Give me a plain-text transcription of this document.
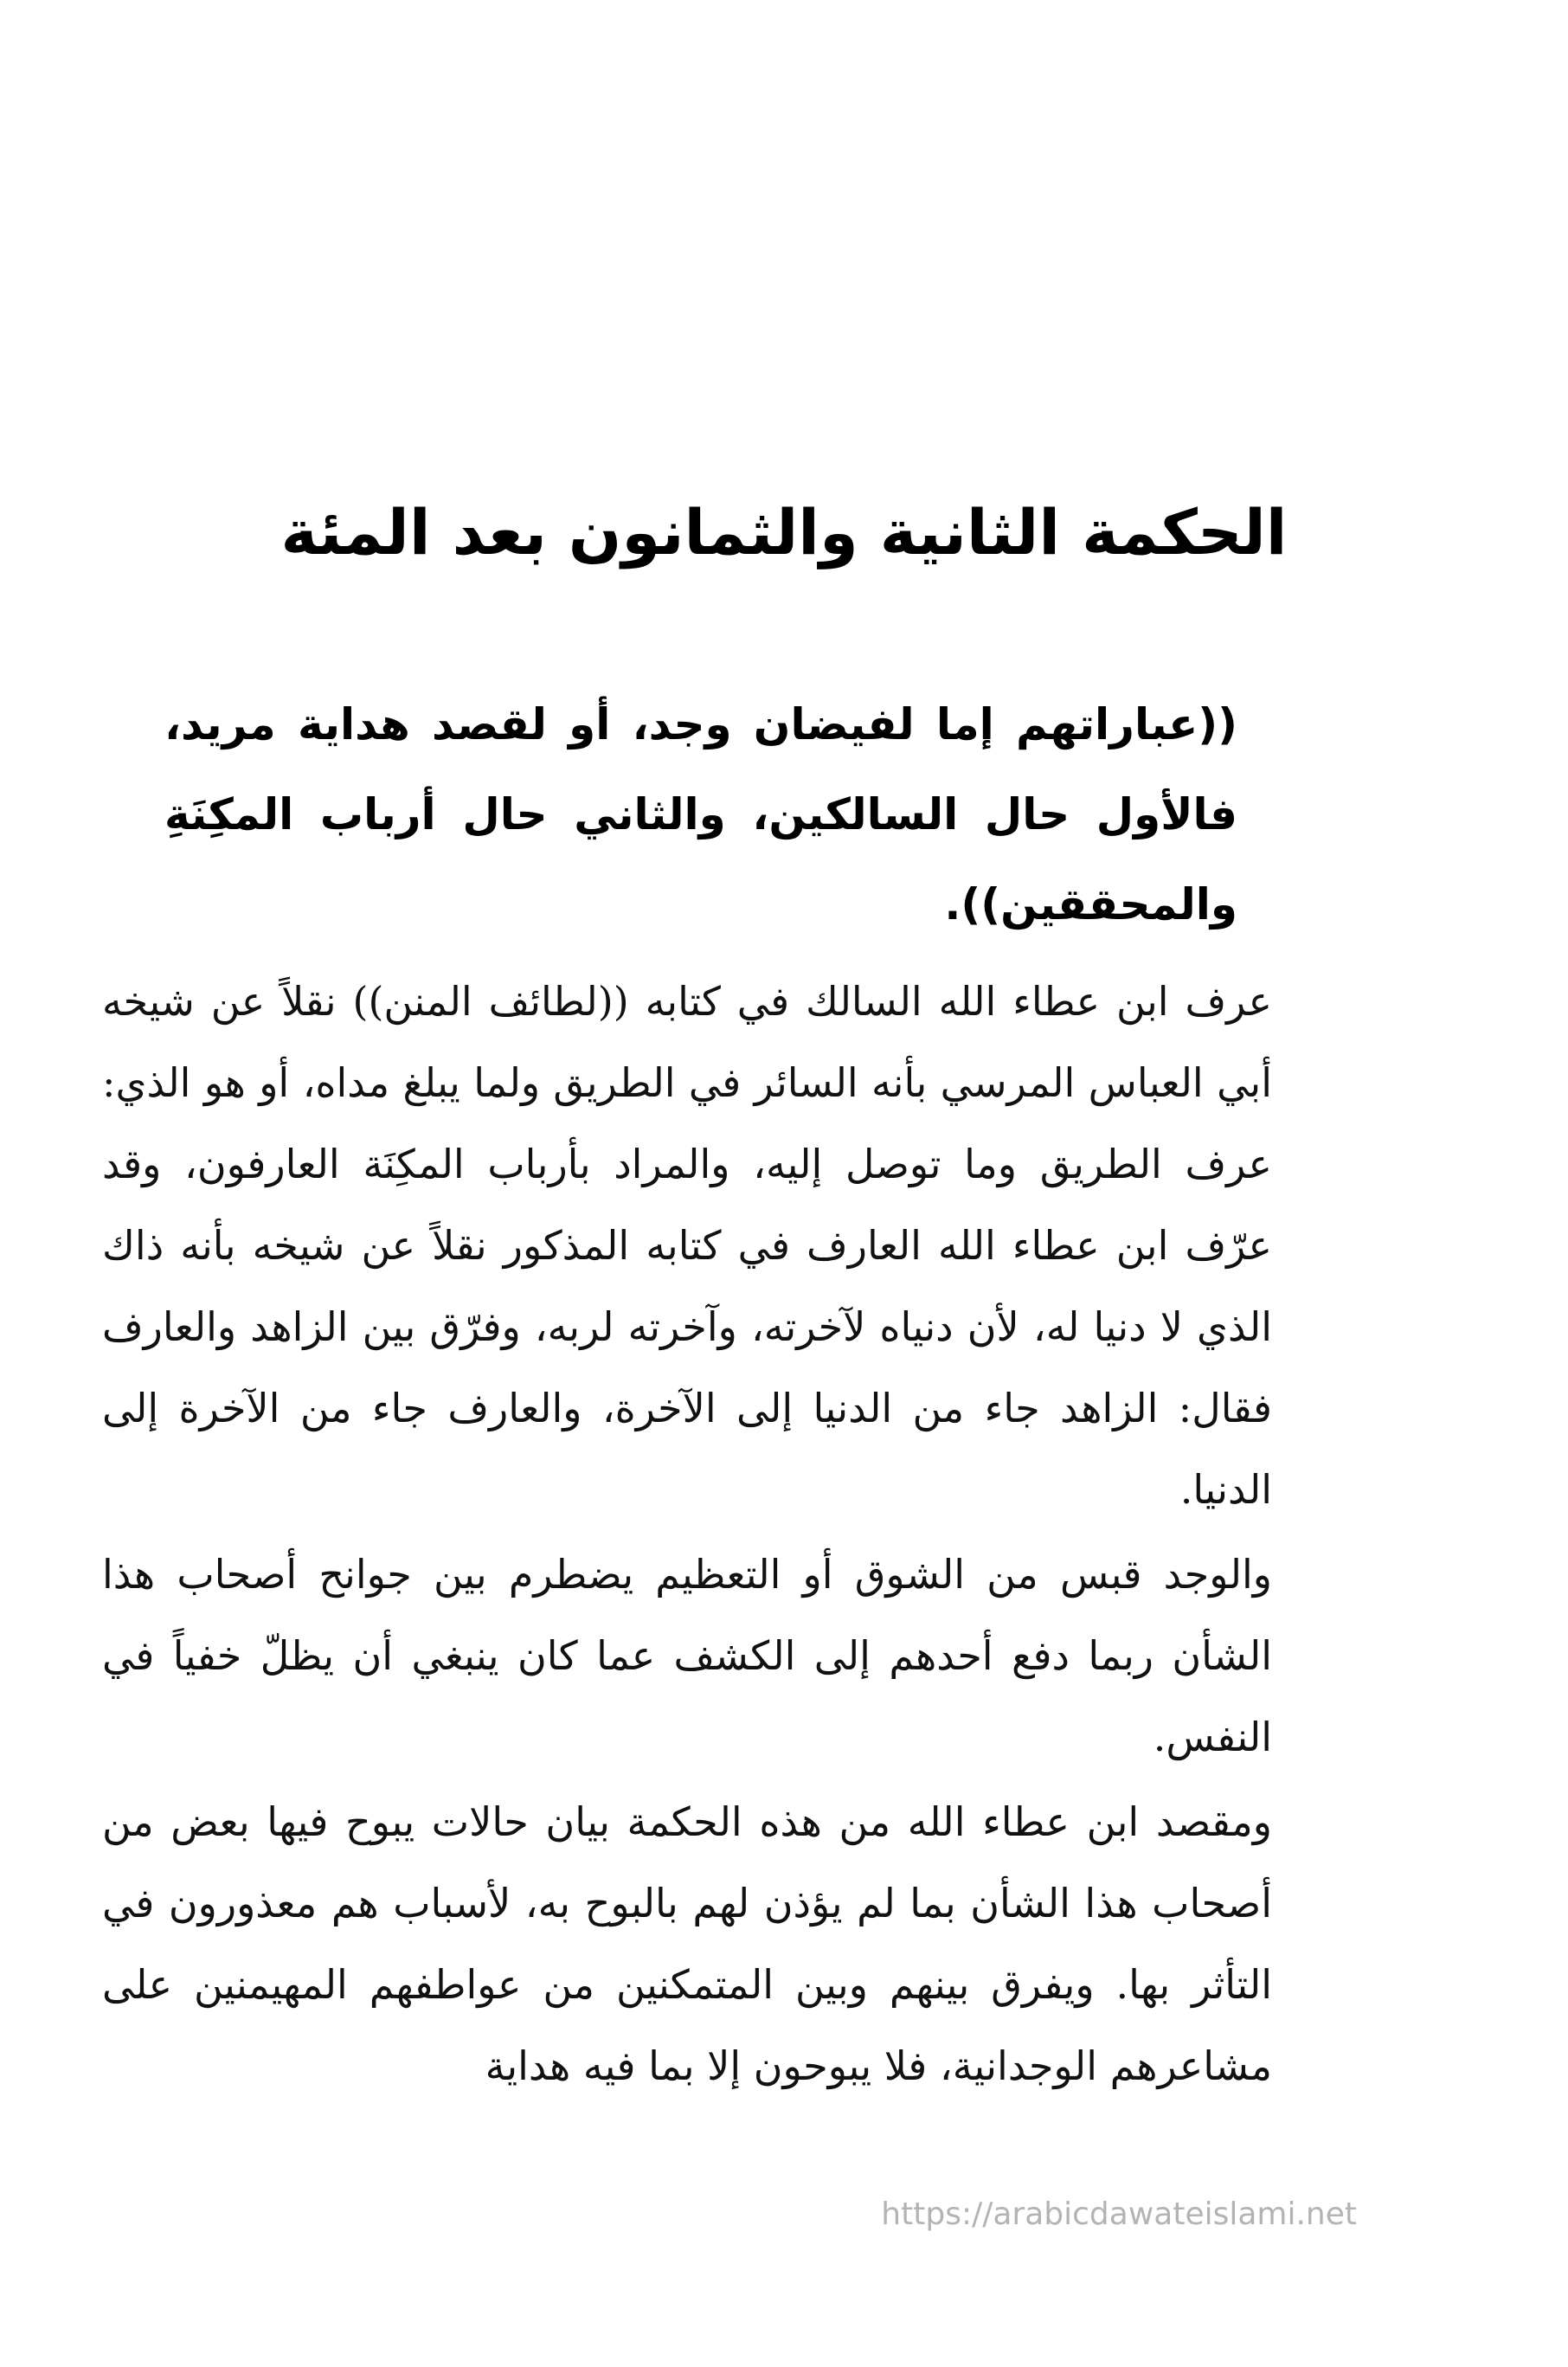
الحكمة الثانية والثمانون بعد المئة
((عباراتهم إما لفيضان وجد، أو لقصد هداية مريد، فالأول حال السالكين، والثاني حال أرباب المكِنَةِ والمحققين)).

عرف ابن عطاء الله السالك في كتابه ((لطائف المنن)) نقلاً عن شيخه أبي العباس المرسي بأنه السائر في الطريق ولما يبلغ مداه، أو هو الذي: عرف الطريق وما توصل إليه، والمراد بأرباب المكِنَة العارفون، وقد عرّف ابن عطاء الله العارف في كتابه المذكور نقلاً عن شيخه بأنه ذاك الذي لا دنيا له، لأن دنياه لآخرته، وآخرته لربه، وفرّق بين الزاهد والعارف فقال: الزاهد جاء من الدنيا إلى الآخرة، والعارف جاء من الآخرة إلى الدنيا.

والوجد قبس من الشوق أو التعظيم يضطرم بين جوانح أصحاب هذا الشأن ربما دفع أحدهم إلى الكشف عما كان ينبغي أن يظلّ خفياً في النفس.

ومقصد ابن عطاء الله من هذه الحكمة بيان حالات يبوح فيها بعض من أصحاب هذا الشأن بما لم يؤذن لهم بالبوح به، لأسباب هم معذورون في التأثر بها. ويفرق بينهم وبين المتمكنين من عواطفهم المهيمنين على مشاعرهم الوجدانية، فلا يبوحون إلا بما فيه هداية

https://arabicdawateislami.net
